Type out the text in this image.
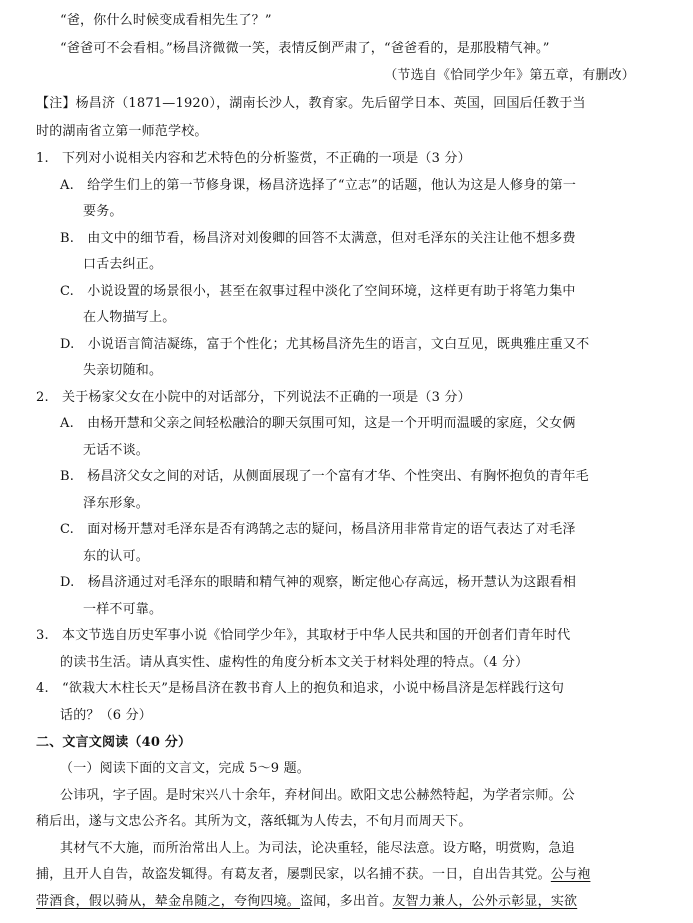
“爸，你什么时候变成看相先生了？”
“爸爸可不会看相。”杨昌济微微一笑，表情反倒严肃了，“爸爸看的，是那股精气神。”
（节选自《恰同学少年》第五章，有删改）
【注】杨昌济（1871—1920），湖南长沙人，教育家。先后留学日本、英国，回国后任教于当
时的湖南省立第一师范学校。
1.　下列对小说相关内容和艺术特色的分析鉴赏，不正确的一项是（3 分）
A.　给学生们上的第一节修身课，杨昌济选择了“立志”的话题，他认为这是人修身的第一
要务。
B.　由文中的细节看，杨昌济对刘俊卿的回答不太满意，但对毛泽东的关注让他不想多费
口舌去纠正。
C.　小说设置的场景很小，甚至在叙事过程中淡化了空间环境，这样更有助于将笔力集中
在人物描写上。
D.　小说语言简洁凝练，富于个性化；尤其杨昌济先生的语言，文白互见，既典雅庄重又不
失亲切随和。
2.　关于杨家父女在小院中的对话部分，下列说法不正确的一项是（3 分）
A.　由杨开慧和父亲之间轻松融洽的聊天氛围可知，这是一个开明而温暖的家庭，父女俩
无话不谈。
B.　杨昌济父女之间的对话，从侧面展现了一个富有才华、个性突出、有胸怀抱负的青年毛
泽东形象。
C.　面对杨开慧对毛泽东是否有鸿鹄之志的疑问，杨昌济用非常肯定的语气表达了对毛泽
东的认可。
D.　杨昌济通过对毛泽东的眼睛和精气神的观察，断定他心存高远，杨开慧认为这跟看相
一样不可靠。
3.　本文节选自历史军事小说《恰同学少年》，其取材于中华人民共和国的开创者们青年时代
的读书生活。请从真实性、虚构性的角度分析本文关于材料处理的特点。（4 分）
4.　“欲栽大木柱长天”是杨昌济在教书育人上的抱负和追求，小说中杨昌济是怎样践行这句
话的？（6 分）
二、文言文阅读（40 分）
（一）阅读下面的文言文，完成 5～9 题。
公讳巩，字子固。是时宋兴八十余年，弃材间出。欧阳文忠公赫然特起，为学者宗师。公
稍后出，遂与文忠公齐名。其所为文，落纸辄为人传去，不旬月而周天下。
其材气不大施，而所治常出人上。为司法，论决重轻，能尽法意。设方略，明赏购，急追
捕，且开人自告，故盗发辄得。有葛友者，屡剽民家，以名捕不获。一日，自出告其党。公与袍
带酒食，假以骑从，辇金帛随之，夸徇四境。盗闻，多出首。友智力兼人，公外示彰显，实欲
